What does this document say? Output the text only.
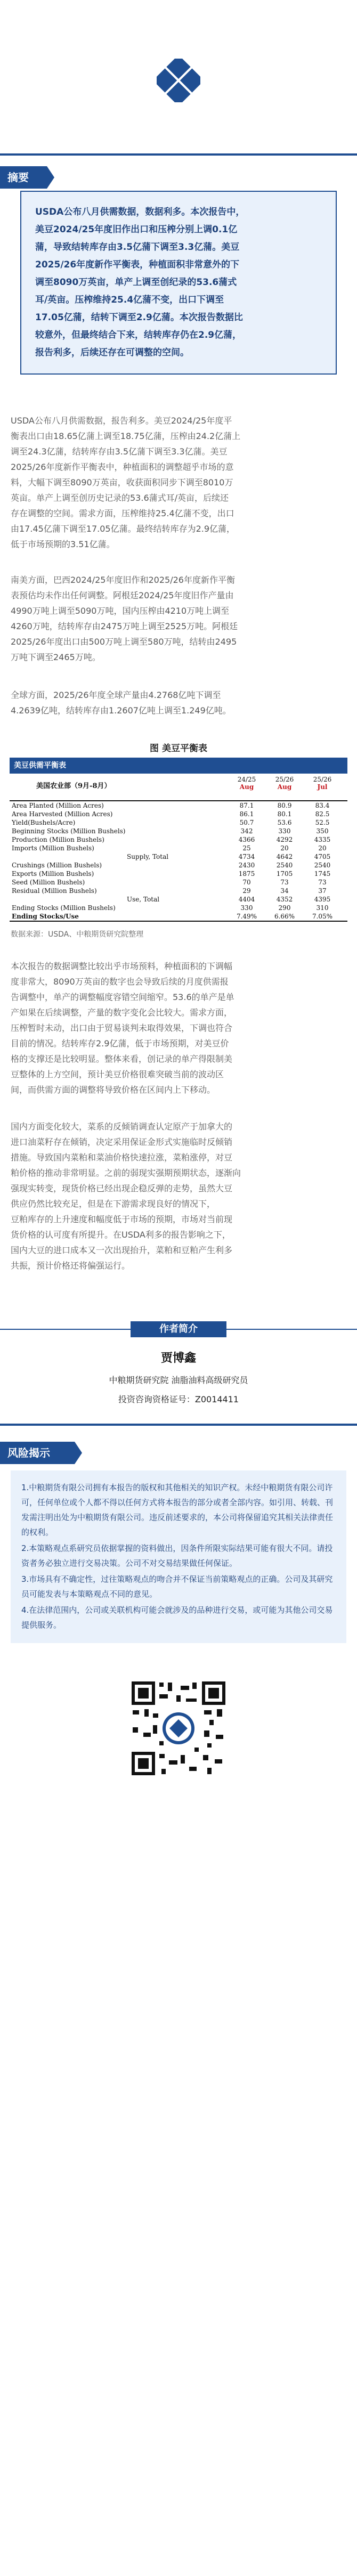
摘要
USDA公布八月供需数据，数据利多。本次报告中，
美豆2024/25年度旧作出口和压榨分别上调0.1亿
蒲，导致结转库存由3.5亿蒲下调至3.3亿蒲。美豆
2025/26年度新作平衡表，种植面积非常意外的下
调至8090万英亩，单产上调至创纪录的53.6蒲式
耳/英亩。压榨维持25.4亿蒲不变，出口下调至
17.05亿蒲，结转下调至2.9亿蒲。本次报告数据比
较意外，但最终结合下来，结转库存仍在2.9亿蒲，
报告利多，后续还存在可调整的空间。
USDA公布八月供需数据，报告利多。美豆2024/25年度平
衡表出口由18.65亿蒲上调至18.75亿蒲，压榨由24.2亿蒲上
调至24.3亿蒲，结转库存由3.5亿蒲下调至3.3亿蒲。美豆
2025/26年度新作平衡表中，种植面积的调整超乎市场的意
料，大幅下调至8090万英亩，收获面积同步下调至8010万
英亩。单产上调至创历史记录的53.6蒲式耳/英亩，后续还
存在调整的空间。需求方面，压榨维持25.4亿蒲不变，出口
由17.45亿蒲下调至17.05亿蒲。最终结转库存为2.9亿蒲，
低于市场预期的3.51亿蒲。
南美方面，巴西2024/25年度旧作和2025/26年度新作平衡
表预估均未作出任何调整。阿根廷2024/25年度旧作产量由
4990万吨上调至5090万吨，国内压榨由4210万吨上调至
4260万吨，结转库存由2475万吨上调至2525万吨。阿根廷
2025/26年度出口由500万吨上调至580万吨，结转由2495
万吨下调至2465万吨。
全球方面，2025/26年度全球产量由4.2768亿吨下调至
4.2639亿吨，结转库存由1.2607亿吨上调至1.249亿吨。
图 美豆平衡表
美豆供需平衡表
美国农业部（9月-8月）
24/25
Aug
25/26
Aug
25/26
Jul
Area Planted (Million Acres)	87.1	80.9	83.4
Area Harvested (Million Acres)	86.1	80.1	82.5
Yield(Bushels/Acre)	50.7	53.6	52.5
Beginning Stocks (Million Bushels)	342	330	350
Production (Million Bushels)	4366	4292	4335
Imports (Million Bushels)	25	20	20
Supply, Total	4734	4642	4705
Crushings (Million Bushels)	2430	2540	2540
Exports (Million Bushels)	1875	1705	1745
Seed (Million Bushels)	70	73	73
Residual (Million Bushels)	29	34	37
Use, Total	4404	4352	4395
Ending Stocks (Million Bushels)	330	290	310
Ending Stocks/Use	7.49%	6.66%	7.05%
数据来源：USDA、中粮期货研究院整理
本次报告的数据调整比较出乎市场预料，种植面积的下调幅
度非常大，8090万英亩的数字也会导致后续的月度供需报
告调整中，单产的调整幅度容错空间缩窄。53.6的单产是单
产如果在后续调整，产量的数字变化会比较大。需求方面，
压榨暂时未动，出口由于贸易谈判未取得效果，下调也符合
目前的情况。结转库存2.9亿蒲，低于市场预期，对美豆价
格的支撑还是比较明显。整体来看，创记录的单产得限制美
豆整体的上方空间，预计美豆价格很难突破当前的波动区
间，而供需方面的调整将导致价格在区间内上下移动。
国内方面变化较大，菜系的反倾销调查认定原产于加拿大的
进口油菜籽存在倾销，决定采用保证金形式实施临时反倾销
措施。导致国内菜粕和菜油价格快速拉涨，菜粕涨停，对豆
粕价格的推动非常明显。之前的弱现实强期预期状态，逐渐向
强现实转变，现货价格已经出现企稳反弹的走势，虽然大豆
供应仍然比较充足，但是在下游需求现良好的情况下，
豆粕库存的上升速度和幅度低于市场的预期，市场对当前现
货价格的认可度有所提升。在USDA利多的报告影响之下，
国内大豆的进口成本又一次出现抬升，菜粕和豆粕产生利多
共振，预计价格还将偏强运行。
作者简介
贾博鑫
中粮期货研究院 油脂油料高级研究员
投资咨询资格证号：Z0014411
风险揭示

1.中粮期货有限公司拥有本报告的版权和其他相关的知识产权。未经中粮期货有限公司许可，任何单位或个人都不得以任何方式将本报告的部分或者全部内容。如引用、转载、刊发需注明出处为中粮期货有限公司。违反前述要求的，本公司将保留追究其相关法律责任的权利。

2.本策略观点系研究员依据掌握的资料做出，因条件所限实际结果可能有很大不同。请投资者务必独立进行交易决策。公司不对交易结果做任何保证。

3.市场具有不确定性，过往策略观点的吻合并不保证当前策略观点的正确。公司及其研究员可能发表与本策略观点不同的意见。

4.在法律范围内，公司或关联机构可能会就涉及的品种进行交易，或可能为其他公司交易提供服务。
